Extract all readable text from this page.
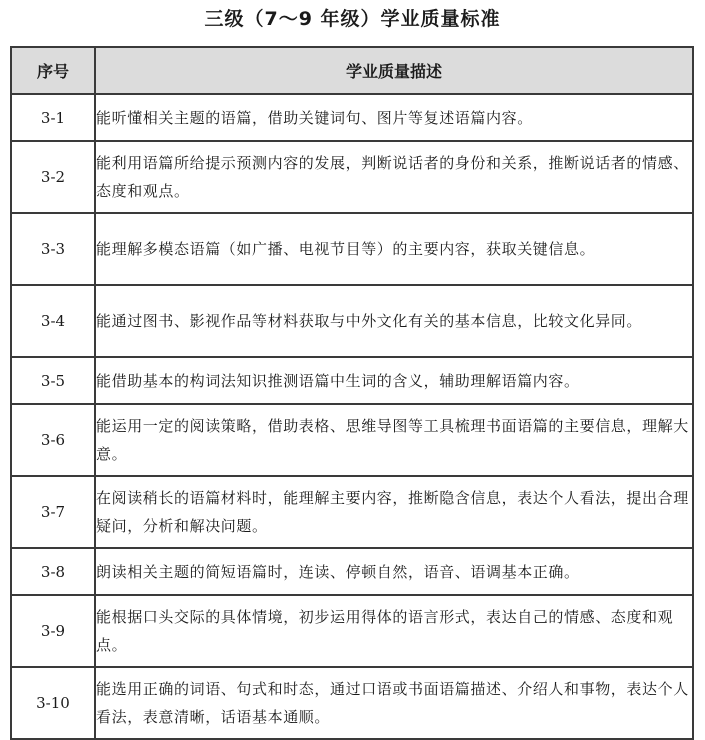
三级（7～9 年级）学业质量标准
序号	学业质量描述
3-1	能听懂相关主题的语篇，借助关键词句、图片等复述语篇内容。
3-2	能利用语篇所给提示预测内容的发展，判断说话者的身份和关系，推断说话者的情感、态度和观点。
3-3	能理解多模态语篇（如广播、电视节目等）的主要内容，获取关键信息。
3-4	能通过图书、影视作品等材料获取与中外文化有关的基本信息，比较文化异同。
3-5	能借助基本的构词法知识推测语篇中生词的含义，辅助理解语篇内容。
3-6	能运用一定的阅读策略，借助表格、思维导图等工具梳理书面语篇的主要信息，理解大意。
3-7	在阅读稍长的语篇材料时，能理解主要内容，推断隐含信息，表达个人看法，提出合理疑问，分析和解决问题。
3-8	朗读相关主题的简短语篇时，连读、停顿自然，语音、语调基本正确。
3-9	能根据口头交际的具体情境，初步运用得体的语言形式，表达自己的情感、态度和观点。
3-10	能选用正确的词语、句式和时态，通过口语或书面语篇描述、介绍人和事物，表达个人看法，表意清晰，话语基本通顺。
